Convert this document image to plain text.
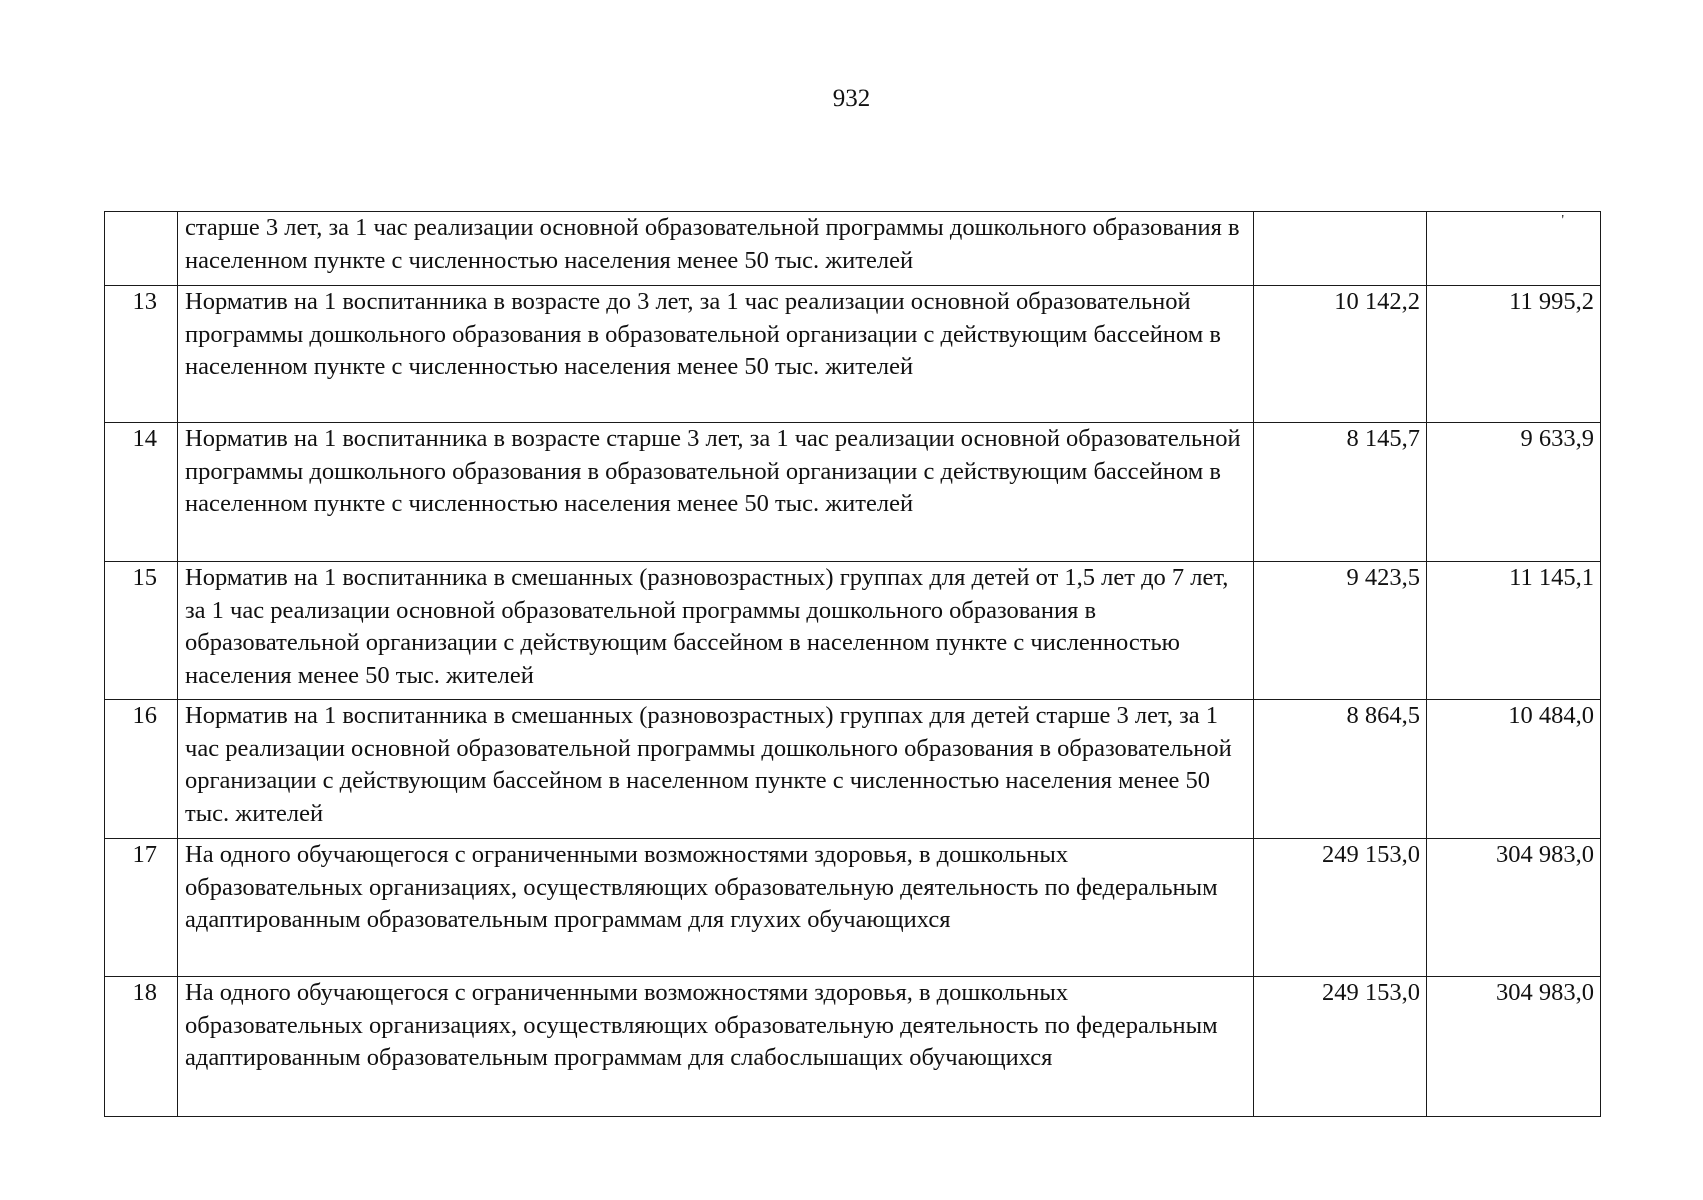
932
	старше 3 лет, за 1 час реализации основной образовательной программы дошкольного образования в населенном пункте с численностью населения менее 50 тыс. жителей		'

13	Норматив на 1 воспитанника в возрасте до 3 лет, за 1 час реализации основной образовательной программы дошкольного образования в образовательной организации с действующим бассейном в населенном пункте с численностью населения менее 50 тыс. жителей	10 142,2	11 995,2
14	Норматив на 1 воспитанника в возрасте старше 3 лет, за 1 час реализации основной образовательной программы дошкольного образования в образовательной организации с действующим бассейном в населенном пункте с численностью населения менее 50 тыс. жителей	8 145,7	9 633,9
15	Норматив на 1 воспитанника в смешанных (разновозрастных) группах для детей от 1,5 лет до 7 лет, за 1 час реализации основной образовательной программы дошкольного образования в образовательной организации с действующим бассейном в населенном пункте с численностью населения менее 50 тыс. жителей	9 423,5	11 145,1
16	Норматив на 1 воспитанника в смешанных (разновозрастных) группах для детей старше 3 лет, за 1 час реализации основной образовательной программы дошкольного образования в образовательной организации с действующим бассейном в населенном пункте с численностью населения менее 50 тыс. жителей	8 864,5	10 484,0
17	На одного обучающегося с ограниченными возможностями здоровья, в дошкольных образовательных организациях, осуществляющих образовательную деятельность по федеральным адаптированным образовательным программам для глухих обучающихся	249 153,0	304 983,0
18	На одного обучающегося с ограниченными возможностями здоровья, в дошкольных образовательных организациях, осуществляющих образовательную деятельность по федеральным адаптированным образовательным программам для слабослышащих обучающихся	249 153,0	304 983,0
